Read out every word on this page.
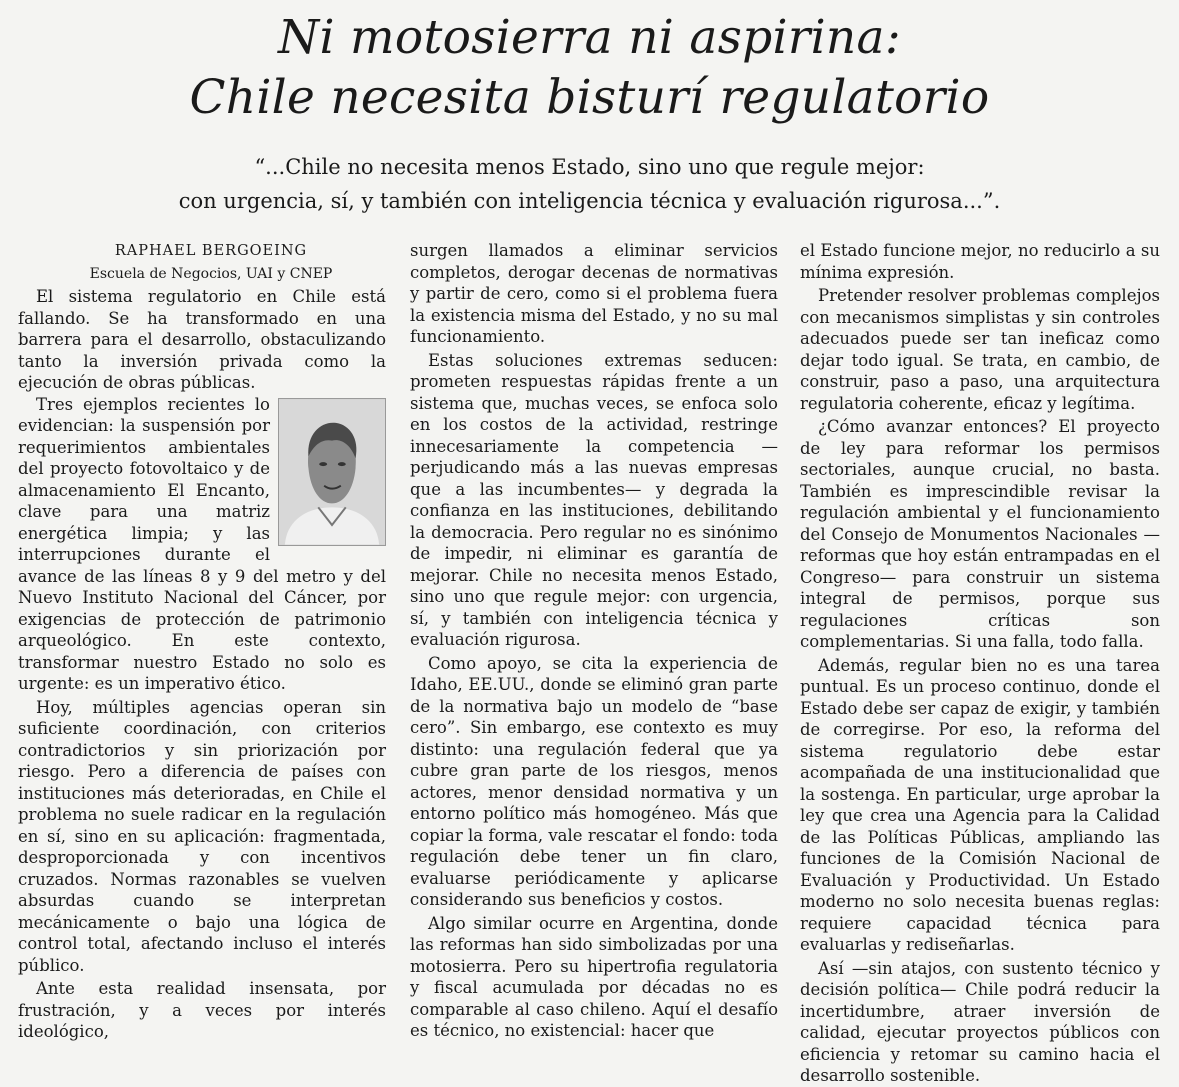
Ni motosierra ni aspirina:
Chile necesita bisturí regulatorio

“...Chile no necesita menos Estado, sino uno que regule mejor:
con urgencia, sí, y también con inteligencia técnica y evaluación rigurosa...”.

RAPHAEL BERGOEING

Escuela de Negocios, UAI y CNEP

El sistema regulatorio en Chile está fallando. Se ha transformado en una barrera para el desarrollo, obstaculizando tanto la inversión privada como la ejecución de obras públicas.

Tres ejemplos recientes lo evidencian: la suspensión por requerimientos ambientales del proyecto fotovoltaico y de almacenamiento El Encanto, clave para una matriz energética limpia; y las interrupciones durante el avance de las líneas 8 y 9 del metro y del Nuevo Instituto Nacional del Cáncer, por exigencias de protección de patrimonio arqueológico. En este contexto, transformar nuestro Estado no solo es urgente: es un imperativo ético.

Hoy, múltiples agencias operan sin suficiente coordinación, con criterios contradictorios y sin priorización por riesgo. Pero a diferencia de países con instituciones más deterioradas, en Chile el problema no suele radicar en la regulación en sí, sino en su aplicación: fragmentada, desproporcionada y con incentivos cruzados. Normas razonables se vuelven absurdas cuando se interpretan mecánicamente o bajo una lógica de control total, afectando incluso el interés público.

Ante esta realidad insensata, por frustración, y a veces por interés ideológico,

surgen llamados a eliminar servicios completos, derogar decenas de normativas y partir de cero, como si el problema fuera la existencia misma del Estado, y no su mal funcionamiento.

Estas soluciones extremas seducen: prometen respuestas rápidas frente a un sistema que, muchas veces, se enfoca solo en los costos de la actividad, restringe innecesariamente la competencia —perjudicando más a las nuevas empresas que a las incumbentes— y degrada la confianza en las instituciones, debilitando la democracia. Pero regular no es sinónimo de impedir, ni eliminar es garantía de mejorar. Chile no necesita menos Estado, sino uno que regule mejor: con urgencia, sí, y también con inteligencia técnica y evaluación rigurosa.

Como apoyo, se cita la experiencia de Idaho, EE.UU., donde se eliminó gran parte de la normativa bajo un modelo de “base cero”. Sin embargo, ese contexto es muy distinto: una regulación federal que ya cubre gran parte de los riesgos, menos actores, menor densidad normativa y un entorno político más homogéneo. Más que copiar la forma, vale rescatar el fondo: toda regulación debe tener un fin claro, evaluarse periódicamente y aplicarse considerando sus beneficios y costos.

Algo similar ocurre en Argentina, donde las reformas han sido simbolizadas por una motosierra. Pero su hipertrofia regulatoria y fiscal acumulada por décadas no es comparable al caso chileno. Aquí el desafío es técnico, no existencial: hacer que

el Estado funcione mejor, no reducirlo a su mínima expresión.

Pretender resolver problemas complejos con mecanismos simplistas y sin controles adecuados puede ser tan ineficaz como dejar todo igual. Se trata, en cambio, de construir, paso a paso, una arquitectura regulatoria coherente, eficaz y legítima.

¿Cómo avanzar entonces? El proyecto de ley para reformar los permisos sectoriales, aunque crucial, no basta. También es imprescindible revisar la regulación ambiental y el funcionamiento del Consejo de Monumentos Nacionales —reformas que hoy están entrampadas en el Congreso— para construir un sistema integral de permisos, porque sus regulaciones críticas son complementarias. Si una falla, todo falla.

Además, regular bien no es una tarea puntual. Es un proceso continuo, donde el Estado debe ser capaz de exigir, y también de corregirse. Por eso, la reforma del sistema regulatorio debe estar acompañada de una institucionalidad que la sostenga. En particular, urge aprobar la ley que crea una Agencia para la Calidad de las Políticas Públicas, ampliando las funciones de la Comisión Nacional de Evaluación y Productividad. Un Estado moderno no solo necesita buenas reglas: requiere capacidad técnica para evaluarlas y rediseñarlas.

Así —sin atajos, con sustento técnico y decisión política— Chile podrá reducir la incertidumbre, atraer inversión de calidad, ejecutar proyectos públicos con eficiencia y retomar su camino hacia el desarrollo sostenible.
